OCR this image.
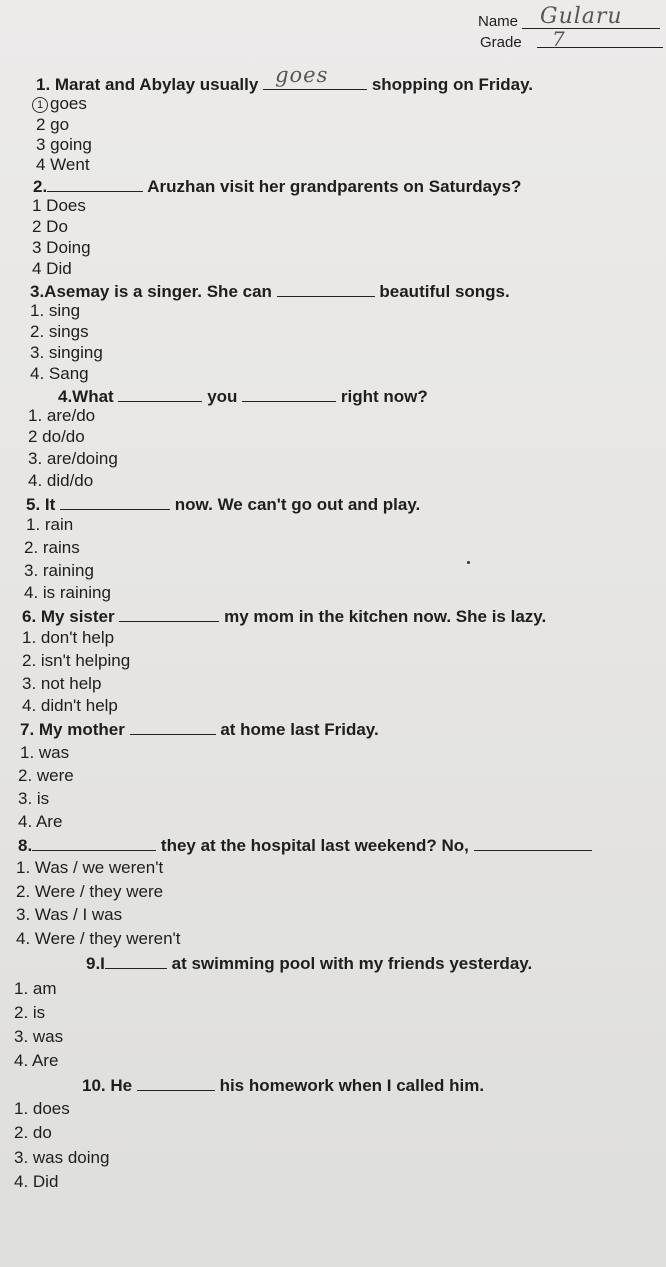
Name Gularu
Grade 7
1. Marat and Abylay usually goes	shopping on Friday.
1 goes
2 go
3 going
4 Went
2.	Aruzhan visit her grandparents on Saturdays?
1 Does
2 Do
3 Doing
4 Did
3.Asemay is a singer. She can	beautiful songs.
1. sing
2. sings
3. singing
4. Sang
4.What	you	right now?
1. are/do
2 do/do
3. are/doing
4. did/do
5. It	now. We can't go out and play.
1. rain
2. rains
3. raining
4. is raining
6. My sister	my mom in the kitchen now. She is lazy.
1. don't help
2. isn't helping
3. not help
4. didn't help
7. My mother	at home last Friday.
1. was
2. were
3. is
4. Are
8.	they at the hospital last weekend? No,
1. Was / we weren't
2. Were / they were
3. Was / I was
4. Were / they weren't
9.I	at swimming pool with my friends yesterday.
1. am
2. is
3. was
4. Are
10. He	his homework when I called him.
1. does
2. do
3. was doing
4. Did
